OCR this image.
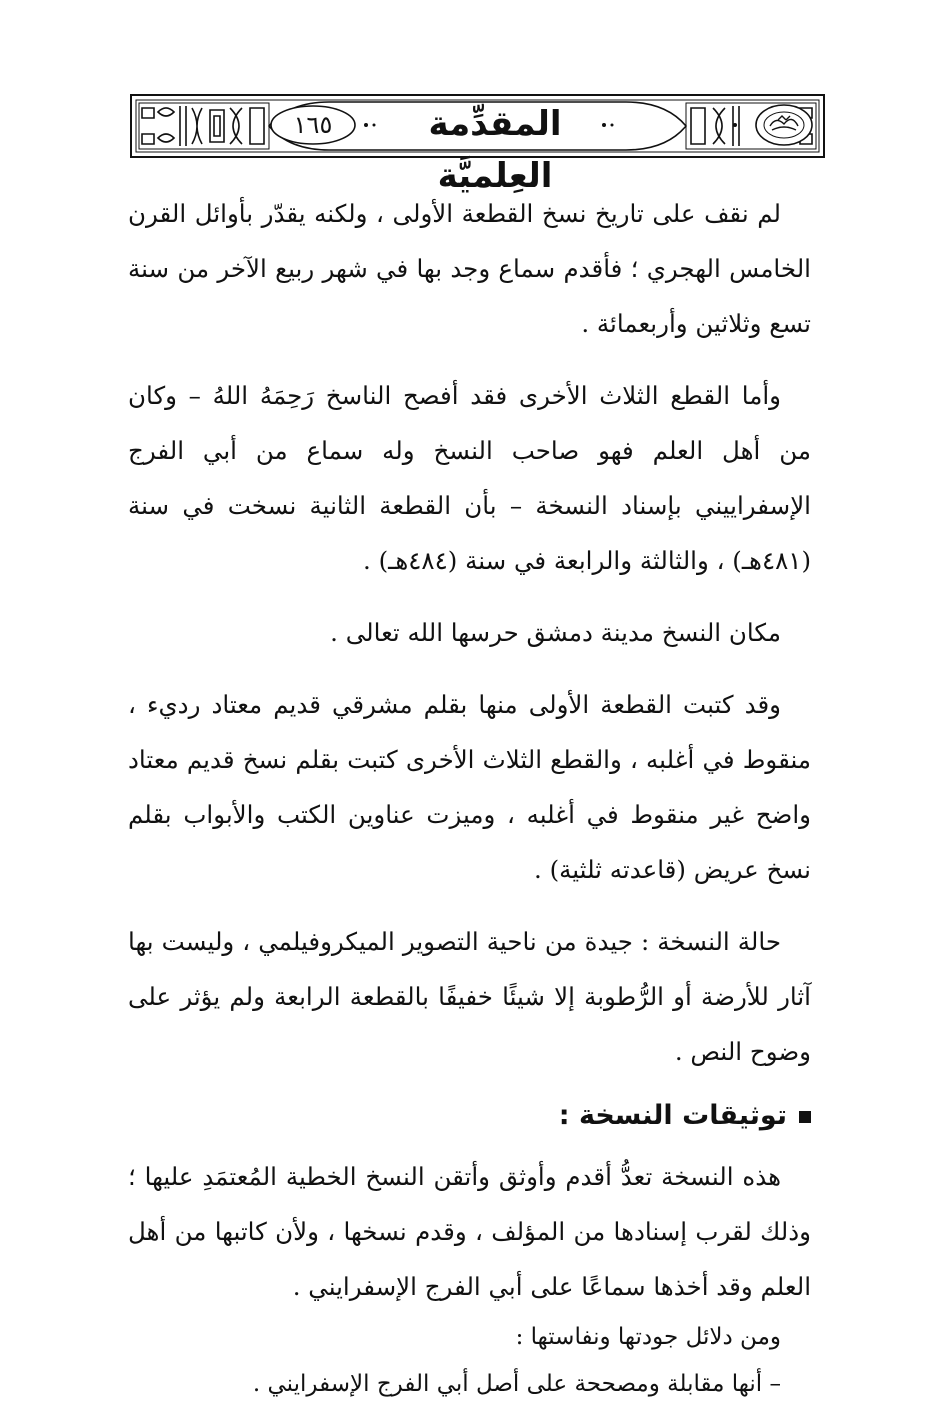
المقدِّمة العِلميَّة
١٦٥

لم نقف على تاريخ نسخ القطعة الأولى ، ولكنه يقدّر بأوائل القرن الخامس الهجري ؛ فأقدم سماع وجد بها في شهر ربيع الآخر من سنة تسع وثلاثين وأربعمائة .

وأما القطع الثلاث الأخرى فقد أفصح الناسخ رَحِمَهُ اللهُ – وكان من أهل العلم فهو صاحب النسخ وله سماع من أبي الفرج الإسفراييني بإسناد النسخة – بأن القطعة الثانية نسخت في سنة (٤٨١هـ) ، والثالثة والرابعة في سنة (٤٨٤هـ) .

مكان النسخ مدينة دمشق حرسها الله تعالى .

وقد كتبت القطعة الأولى منها بقلم مشرقي قديم معتاد رديء ، منقوط في أغلبه ، والقطع الثلاث الأخرى كتبت بقلم نسخ قديم معتاد واضح غير منقوط في أغلبه ، وميزت عناوين الكتب والأبواب بقلم نسخ عريض (قاعدته ثلثية) .

حالة النسخة : جيدة من ناحية التصوير الميكروفيلمي ، وليست بها آثار للأرضة أو الرُّطوبة إلا شيئًا خفيفًا بالقطعة الرابعة ولم يؤثر على وضوح النص .

توثيقات النسخة :

هذه النسخة تعدُّ أقدم وأوثق وأتقن النسخ الخطية المُعتمَدِ عليها ؛ وذلك لقرب إسنادها من المؤلف ، وقدم نسخها ، ولأن كاتبها من أهل العلم وقد أخذها سماعًا على أبي الفرج الإسفرايني .

ومن دلائل جودتها ونفاستها :

– أنها مقابلة ومصححة على أصل أبي الفرج الإسفرايني .
